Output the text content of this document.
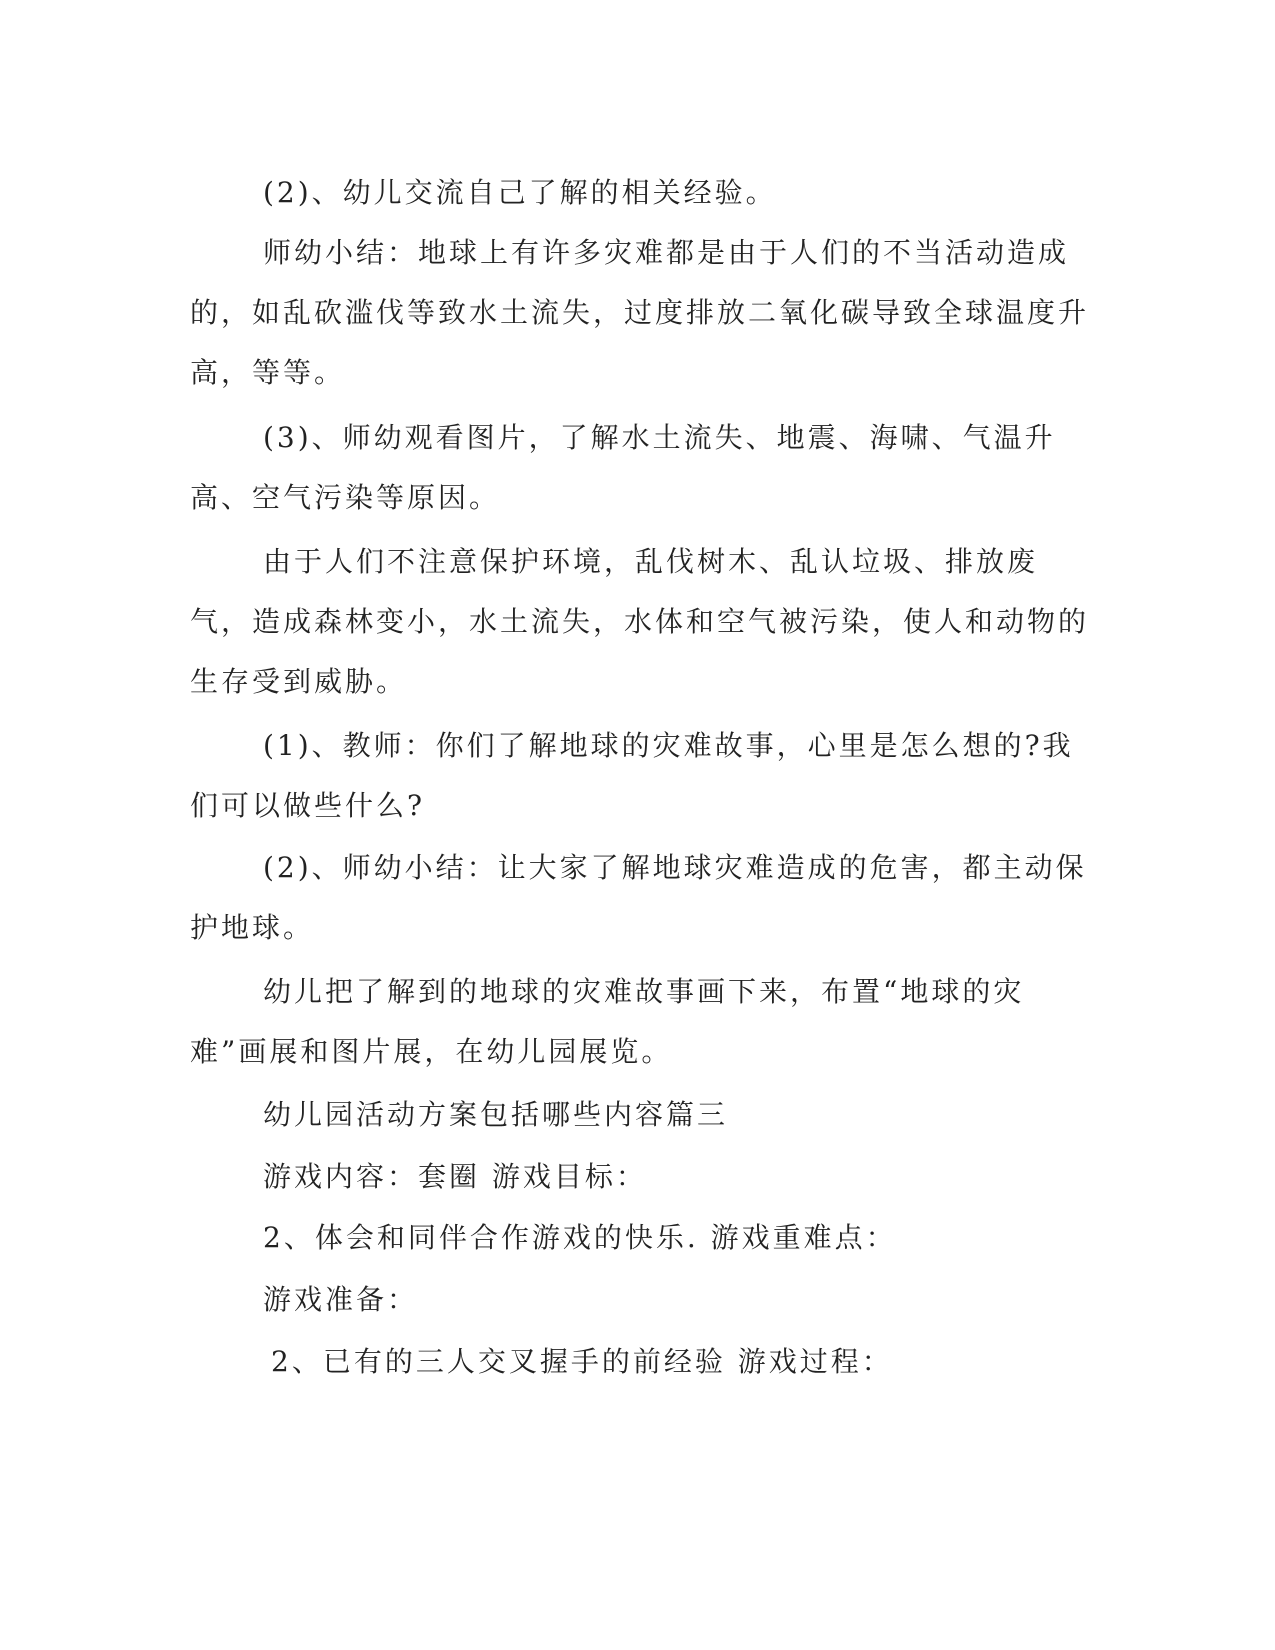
(2)、幼儿交流自己了解的相关经验。

师幼小结：地球上有许多灾难都是由于人们的不当活动造成的，如乱砍滥伐等致水土流失，过度排放二氧化碳导致全球温度升高，等等。

(3)、师幼观看图片，了解水土流失、地震、海啸、气温升高、空气污染等原因。

由于人们不注意保护环境，乱伐树木、乱认垃圾、排放废气，造成森林变小，水土流失，水体和空气被污染，使人和动物的生存受到威胁。

(1)、教师：你们了解地球的灾难故事，心里是怎么想的?我们可以做些什么?

(2)、师幼小结：让大家了解地球灾难造成的危害，都主动保护地球。

幼儿把了解到的地球的灾难故事画下来，布置“地球的灾难”画展和图片展，在幼儿园展览。

幼儿园活动方案包括哪些内容篇三

游戏内容：套圈 游戏目标：

2、体会和同伴合作游戏的快乐. 游戏重难点：

游戏准备：

2、已有的三人交叉握手的前经验 游戏过程：
